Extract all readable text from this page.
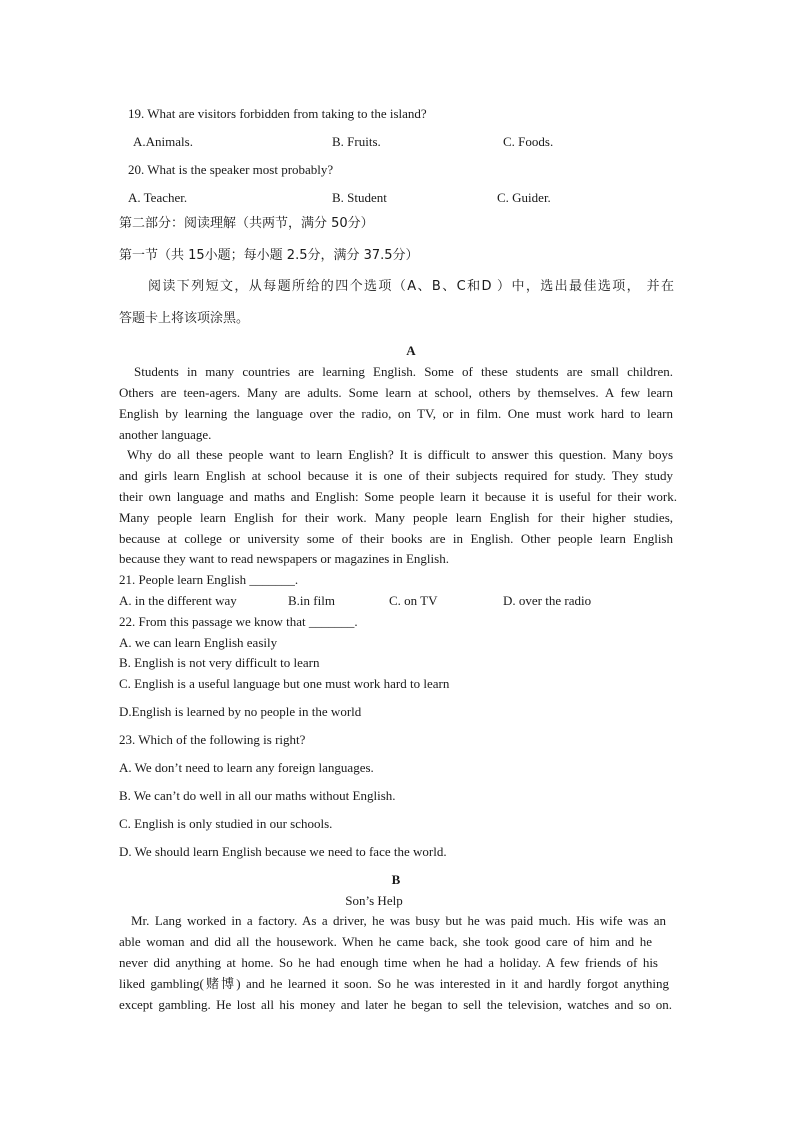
19. What are visitors forbidden from taking to the island?
A.Animals.	B. Fruits.	C. Foods.
20. What is the speaker most probably?
A. Teacher.	B. Student	C. Guider.
第二部分：阅读理解（共两节，满分 50分）
第一节（共 15小题；每小题 2.5分，满分 37.5分）
阅读下列短文，从每题所给的四个选项（A、B、C和D ）中，选出最佳选项， 并在
答题卡上将该项涂黑。
A
Students in many countries are learning English. Some of these students are small children.
Others are teen-agers. Many are adults. Some learn at school, others by themselves. A few learn
English by learning the language over the radio, on TV, or in film. One must work hard to learn
another language.
Why do all these people want to learn English? It is difficult to answer this question. Many boys
and girls learn English at school because it is one of their subjects required for study. They study
their own language and maths and English: Some people learn it because it is useful for their work.
Many people learn English for their work. Many people learn English for their higher studies,
because at college or university some of their books are in English. Other people learn English
because they want to read newspapers or magazines in English.
21. People learn English _______.
A. in the different way	B.in film	C. on TV	D. over the radio
22. From this passage we know that _______.
A. we can learn English easily
B. English is not very difficult to learn
C. English is a useful language but one must work hard to learn
D.English is learned by no people in the world
23. Which of the following is right?
A. We don’t need to learn any foreign languages.
B. We can’t do well in all our maths without English.
C. English is only studied in our schools.
D. We should learn English because we need to face the world.
B
Son’s Help
Mr. Lang worked in a factory. As a driver, he was busy but he was paid much. His wife was an
able woman and did all the housework. When he came back, she took good care of him and he
never did anything at home. So he had enough time when he had a holiday. A few friends of his
liked gambling(赌博) and he learned it soon. So he was interested in it and hardly forgot anything
except gambling. He lost all his money and later he began to sell the television, watches and so on.
